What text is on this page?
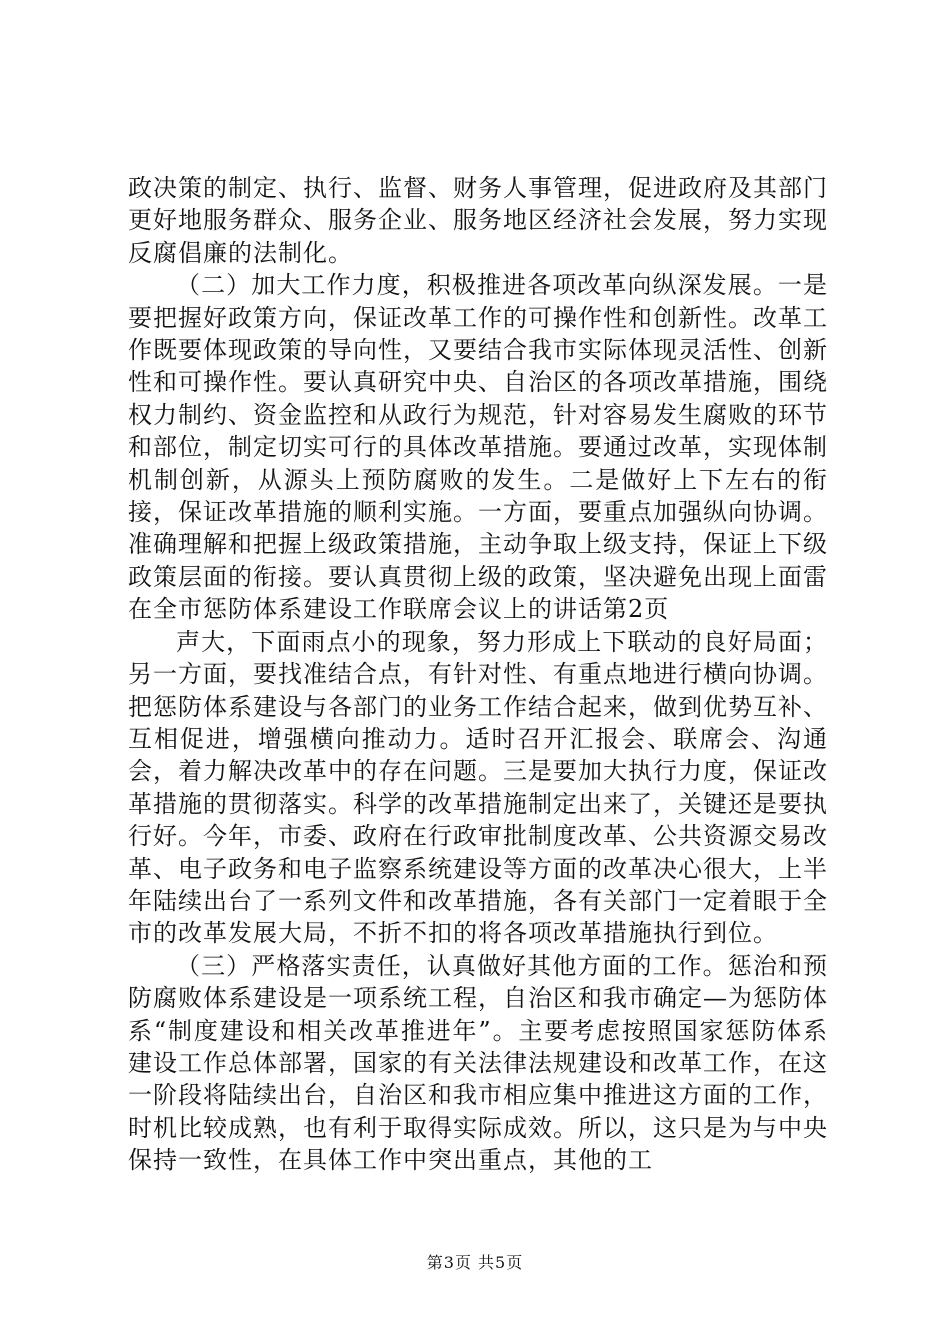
政决策的制定、执行、监督、财务人事管理，促进政府及其部门更好地服务群众、服务企业、服务地区经济社会发展，努力实现反腐倡廉的法制化。

（二）加大工作力度，积极推进各项改革向纵深发展。一是要把握好政策方向，保证改革工作的可操作性和创新性。改革工作既要体现政策的导向性，又要结合我市实际体现灵活性、创新性和可操作性。要认真研究中央、自治区的各项改革措施，围绕权力制约、资金监控和从政行为规范，针对容易发生腐败的环节和部位，制定切实可行的具体改革措施。要通过改革，实现体制机制创新，从源头上预防腐败的发生。二是做好上下左右的衔接，保证改革措施的顺利实施。一方面，要重点加强纵向协调。准确理解和把握上级政策措施，主动争取上级支持，保证上下级政策层面的衔接。要认真贯彻上级的政策，坚决避免出现上面雷在全市惩防体系建设工作联席会议上的讲话第2页

声大，下面雨点小的现象，努力形成上下联动的良好局面；另一方面，要找准结合点，有针对性、有重点地进行横向协调。把惩防体系建设与各部门的业务工作结合起来，做到优势互补、互相促进，增强横向推动力。适时召开汇报会、联席会、沟通会，着力解决改革中的存在问题。三是要加大执行力度，保证改革措施的贯彻落实。科学的改革措施制定出来了，关键还是要执行好。今年，市委、政府在行政审批制度改革、公共资源交易改革、电子政务和电子监察系统建设等方面的改革决心很大，上半年陆续出台了一系列文件和改革措施，各有关部门一定着眼于全市的改革发展大局，不折不扣的将各项改革措施执行到位。

（三）严格落实责任，认真做好其他方面的工作。惩治和预防腐败体系建设是一项系统工程，自治区和我市确定—为惩防体系“制度建设和相关改革推进年”。主要考虑按照国家惩防体系建设工作总体部署，国家的有关法律法规建设和改革工作，在这一阶段将陆续出台，自治区和我市相应集中推进这方面的工作，时机比较成熟，也有利于取得实际成效。所以，这只是为与中央保持一致性，在具体工作中突出重点，其他的工

第3页 共5页
